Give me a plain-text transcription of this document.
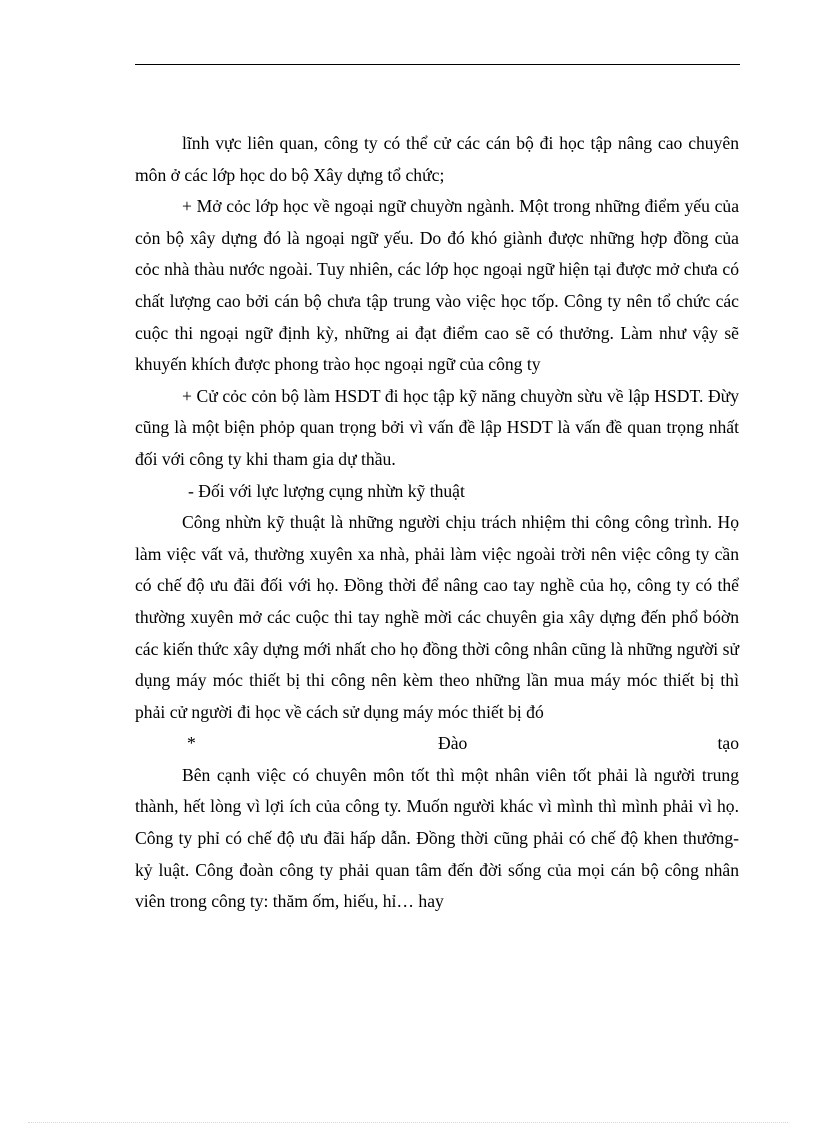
lĩnh vực liên quan, công ty có thể cử các cán bộ đi học tập nâng cao chuyên môn ở các lớp học do bộ Xây dựng tổ chức;

+ Mở cỏc lớp học về ngoại ngữ chuyờn ngành. Một trong những điểm yếu của cỏn bộ xây dựng đó là ngoại ngữ yếu. Do đó khó giành được những hợp đồng của cỏc nhà thàu nước ngoài. Tuy nhiên, các lớp học ngoại ngữ hiện tại được mở chưa có chất lượng cao bởi cán bộ chưa tập trung vào việc học tốp. Công ty nên tổ chức các cuộc thi ngoại ngữ định kỳ, những ai đạt điểm cao sẽ có thưởng. Làm như vậy sẽ khuyến khích được phong trào học ngoại ngữ của công ty

+ Cử cỏc cỏn bộ làm HSDT đi học tập kỹ năng chuyờn sừu về lập HSDT. Đừy cũng là một biện phỏp quan trọng bởi vì vấn đề lập HSDT là vấn đề quan trọng nhất đối với công ty khi tham gia dự thầu.

- Đối với lực lượng cụng nhừn kỹ thuật

Công nhừn kỹ thuật là những người chịu trách nhiệm thi công công trình. Họ làm việc vất vả, thường xuyên xa nhà, phải làm việc ngoài trời nên việc công ty cần có chế độ ưu đãi đối với họ. Đồng thời để nâng cao tay nghề của họ, công ty có thể thường xuyên mở các cuộc thi tay nghề mời các chuyên gia xây dựng đến phổ bóờn các kiến thức xây dựng mới nhất cho họ đồng thời công nhân cũng là những người sử dụng máy móc thiết bị thi công nên kèm theo những lần mua máy móc thiết bị thì phải cử người đi học về cách sử dụng máy móc thiết bị đó

*	Đào	tạo

Bên cạnh việc có chuyên môn tốt thì một nhân viên tốt phải là người trung thành, hết lòng vì lợi ích của công ty. Muốn người khác vì mình thì mình phải vì họ. Công ty phỉ có chế độ ưu đãi hấp dẫn. Đồng thời cũng phải có chế độ khen thưởng- kỷ luật. Công đoàn công ty phải quan tâm đến đời sống của mọi cán bộ công nhân viên trong công ty: thăm ốm, hiếu, hỉ… hay
